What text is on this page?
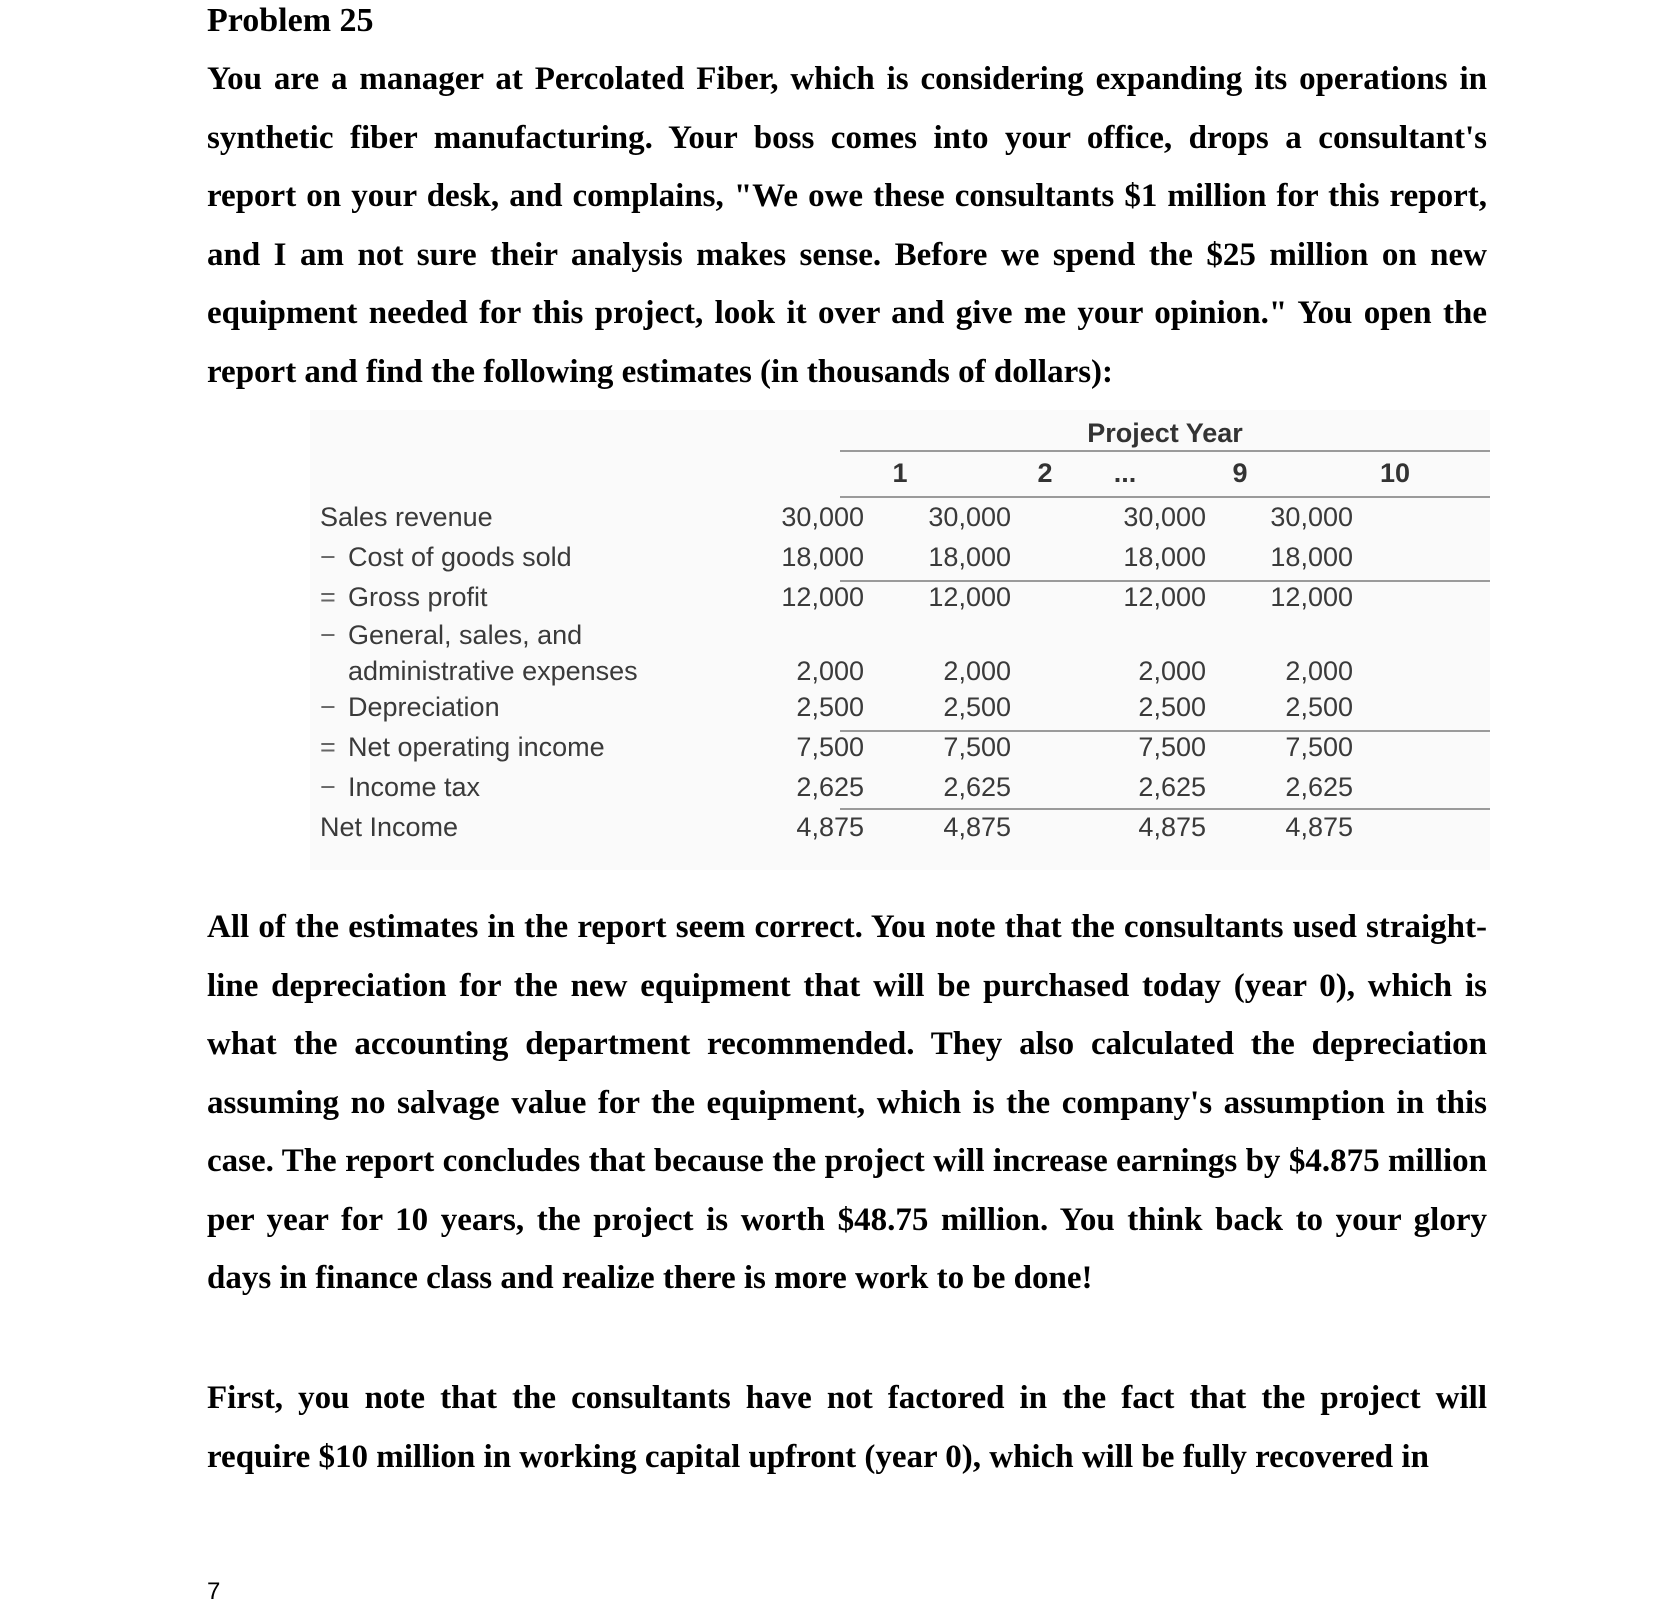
Problem 25

You are a manager at Percolated Fiber, which is considering expanding its operations in synthetic fiber manufacturing. Your boss comes into your office, drops a consultant's report on your desk, and complains, "We owe these consultants $1 million for this report, and I am not sure their analysis makes sense. Before we spend the $25 million on new equipment needed for this project, look it over and give me your opinion." You open the report and find the following estimates (in thousands of dollars):

Project Year
1	2	...	9	10
Sales revenue	30,000	30,000	30,000	30,000
− Cost of goods sold	18,000	18,000	18,000	18,000
= Gross profit	12,000	12,000	12,000	12,000
− General, sales, and
administrative expenses	2,000	2,000	2,000	2,000
− Depreciation	2,500	2,500	2,500	2,500
= Net operating income	7,500	7,500	7,500	7,500
− Income tax	2,625	2,625	2,625	2,625
Net Income	4,875	4,875	4,875	4,875

All of the estimates in the report seem correct. You note that the consultants used straight-line depreciation for the new equipment that will be purchased today (year 0), which is what the accounting department recommended. They also calculated the depreciation assuming no salvage value for the equipment, which is the company's assumption in this case. The report concludes that because the project will increase earnings by $4.875 million per year for 10 years, the project is worth $48.75 million. You think back to your glory days in finance class and realize there is more work to be done!

First, you note that the consultants have not factored in the fact that the project will require $10 million in working capital upfront (year 0), which will be fully recovered in

7
